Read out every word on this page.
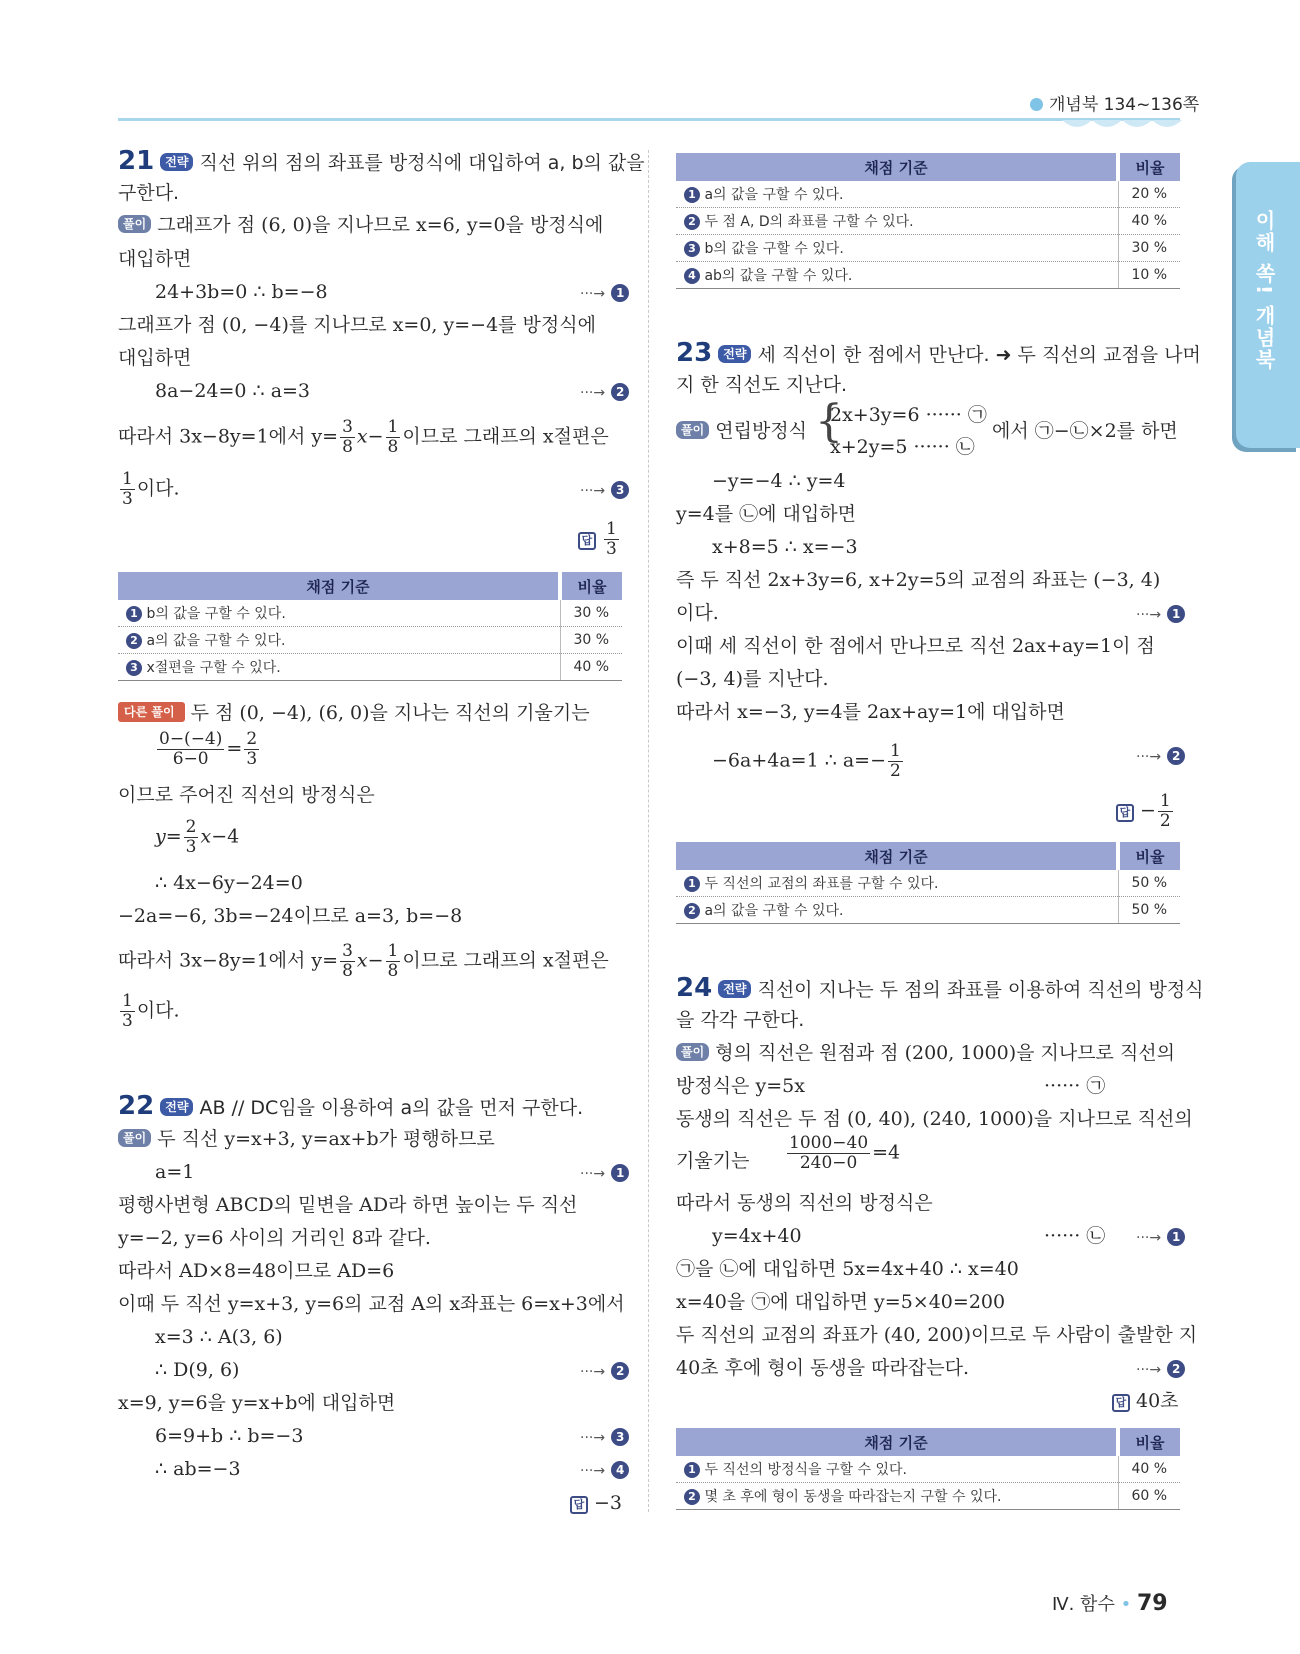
개념북 134~136쪽
이해 쏙! 개념북
21 전략 직선 위의 점의 좌표를 방정식에 대입하여 a, b의 값을
구한다.
풀이 그래프가 점 (6, 0)을 지나므로 x=6, y=0을 방정식에
대입하면
24+3b=0 ∴ b=−8	···→ 1
그래프가 점 (0, −4)를 지나므로 x=0, y=−4를 방정식에
대입하면
8a−24=0 ∴ a=3	···→ 2
따라서 3x−8y=1에서 $y= \frac{3}{8} x- \frac{1}{8}$ 이므로 그래프의 x절편은
$\frac{1}{3}$ 이다.	···→ 3
답 $\frac{1}{3}$
채점 기준	비율
1 b의 값을 구할 수 있다.	30 %
2 a의 값을 구할 수 있다.	30 %
3 x절편을 구할 수 있다.	40 %
다른 풀이 두 점 (0, −4), (6, 0)을 지나는 직선의 기울기는
$\frac{0-(-4)}{6-0} = \frac{2}{3}$
이므로 주어진 직선의 방정식은
$y= \frac{2}{3} x-4$
∴ 4x−6y−24=0
−2a=−6, 3b=−24이므로 a=3, b=−8
따라서 3x−8y=1에서 $y= \frac{3}{8} x- \frac{1}{8}$ 이므로 그래프의 x절편은
$\frac{1}{3}$ 이다.
22 전략 AB // DC임을 이용하여 a의 값을 먼저 구한다.
풀이 두 직선 y=x+3, y=ax+b가 평행하므로
a=1	···→ 1
평행사변형 ABCD의 밑변을 AD라 하면 높이는 두 직선
y=−2, y=6 사이의 거리인 8과 같다.
따라서 AD×8=48이므로 AD=6
이때 두 직선 y=x+3, y=6의 교점 A의 x좌표는 6=x+3에서
x=3 ∴ A(3, 6)
∴ D(9, 6)	···→ 2
x=9, y=6을 y=x+b에 대입하면
6=9+b ∴ b=−3	···→ 3
∴ ab=−3	···→ 4
답 −3
채점 기준	비율
1 a의 값을 구할 수 있다.	20 %
2 두 점 A, D의 좌표를 구할 수 있다.	40 %
3 b의 값을 구할 수 있다.	30 %
4 ab의 값을 구할 수 있다.	10 %
23 전략 세 직선이 한 점에서 만난다. ➜ 두 직선의 교점을 나머
지 한 직선도 지난다.
풀이 연립방정식 {
2x+3y=6 ······ ㉠
x+2y=5 ······ ㉡
에서 ㉠−㉡×2를 하면
−y=−4 ∴ y=4
y=4를 ㉡에 대입하면
x+8=5 ∴ x=−3
즉 두 직선 2x+3y=6, x+2y=5의 교점의 좌표는 (−3, 4)
이다.	···→ 1
이때 세 직선이 한 점에서 만나므로 직선 2ax+ay=1이 점
(−3, 4)를 지난다.
따라서 x=−3, y=4를 2ax+ay=1에 대입하면
−6a+4a=1 ∴ $a=- \frac{1}{2}$	···→ 2
답 − $\frac{1}{2}$
채점 기준	비율
1 두 직선의 교점의 좌표를 구할 수 있다.	50 %
2 a의 값을 구할 수 있다.	50 %
24 전략 직선이 지나는 두 점의 좌표를 이용하여 직선의 방정식
을 각각 구한다.
풀이 형의 직선은 원점과 점 (200, 1000)을 지나므로 직선의
방정식은 y=5x	······ ㉠
동생의 직선은 두 점 (0, 40), (240, 1000)을 지나므로 직선의
기울기는 $\frac{1000-40}{240-0} =4$
따라서 동생의 직선의 방정식은
y=4x+40	······ ㉡ ···→ 1
㉠을 ㉡에 대입하면 5x=4x+40 ∴ x=40
x=40을 ㉠에 대입하면 y=5×40=200
두 직선의 교점의 좌표가 (40, 200)이므로 두 사람이 출발한 지
40초 후에 형이 동생을 따라잡는다.	···→ 2
답 40초
채점 기준	비율
1 두 직선의 방정식을 구할 수 있다.	40 %
2 몇 초 후에 형이 동생을 따라잡는지 구할 수 있다.	60 %
Ⅳ. 함수 • 79
